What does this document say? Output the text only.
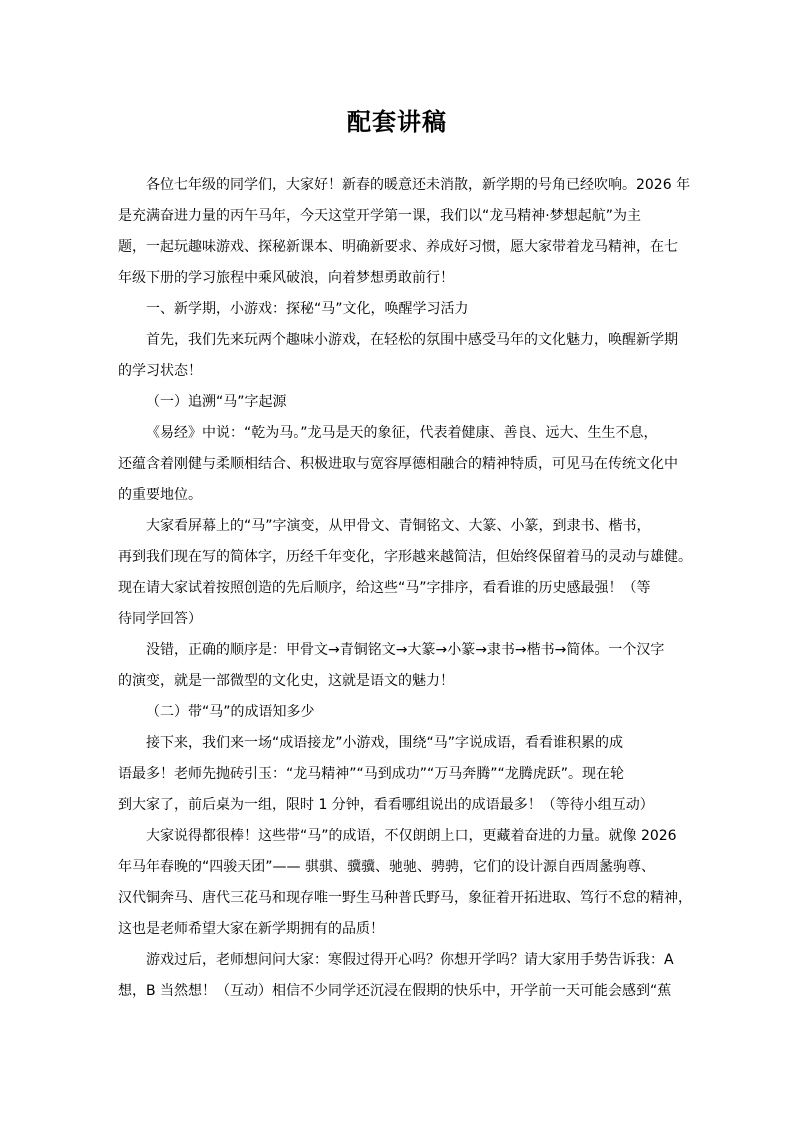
配套讲稿
各位七年级的同学们，大家好！新春的暖意还未消散，新学期的号角已经吹响。2026 年
是充满奋进力量的丙午马年，今天这堂开学第一课，我们以“龙马精神·梦想起航”为主
题，一起玩趣味游戏、探秘新课本、明确新要求、养成好习惯，愿大家带着龙马精神，在七
年级下册的学习旅程中乘风破浪，向着梦想勇敢前行！
一、新学期，小游戏：探秘“马”文化，唤醒学习活力
首先，我们先来玩两个趣味小游戏，在轻松的氛围中感受马年的文化魅力，唤醒新学期
的学习状态！
（一）追溯“马”字起源
《易经》中说：“乾为马。”龙马是天的象征，代表着健康、善良、远大、生生不息，
还蕴含着刚健与柔顺相结合、积极进取与宽容厚德相融合的精神特质，可见马在传统文化中
的重要地位。
大家看屏幕上的“马”字演变，从甲骨文、青铜铭文、大篆、小篆，到隶书、楷书，
再到我们现在写的简体字，历经千年变化，字形越来越简洁，但始终保留着马的灵动与雄健。
现在请大家试着按照创造的先后顺序，给这些“马”字排序，看看谁的历史感最强！（等
待同学回答）
没错，正确的顺序是：甲骨文→青铜铭文→大篆→小篆→隶书→楷书→简体。一个汉字
的演变，就是一部微型的文化史，这就是语文的魅力！
（二）带“马”的成语知多少
接下来，我们来一场“成语接龙”小游戏，围绕“马”字说成语，看看谁积累的成
语最多！老师先抛砖引玉：“龙马精神”“马到成功”“万马奔腾”“龙腾虎跃”。现在轮
到大家了，前后桌为一组，限时 1 分钟，看看哪组说出的成语最多！（等待小组互动）
大家说得都很棒！这些带“马”的成语，不仅朗朗上口，更藏着奋进的力量。就像 2026
年马年春晚的“四骏天团”—— 骐骐、骥骥、驰驰、骋骋，它们的设计源自西周盠驹尊、
汉代铜奔马、唐代三花马和现存唯一野生马种普氏野马，象征着开拓进取、笃行不怠的精神，
这也是老师希望大家在新学期拥有的品质！
游戏过后，老师想问问大家：寒假过得开心吗？你想开学吗？请大家用手势告诉我：A
想，B 当然想！（互动）相信不少同学还沉浸在假期的快乐中，开学前一天可能会感到“蕉
